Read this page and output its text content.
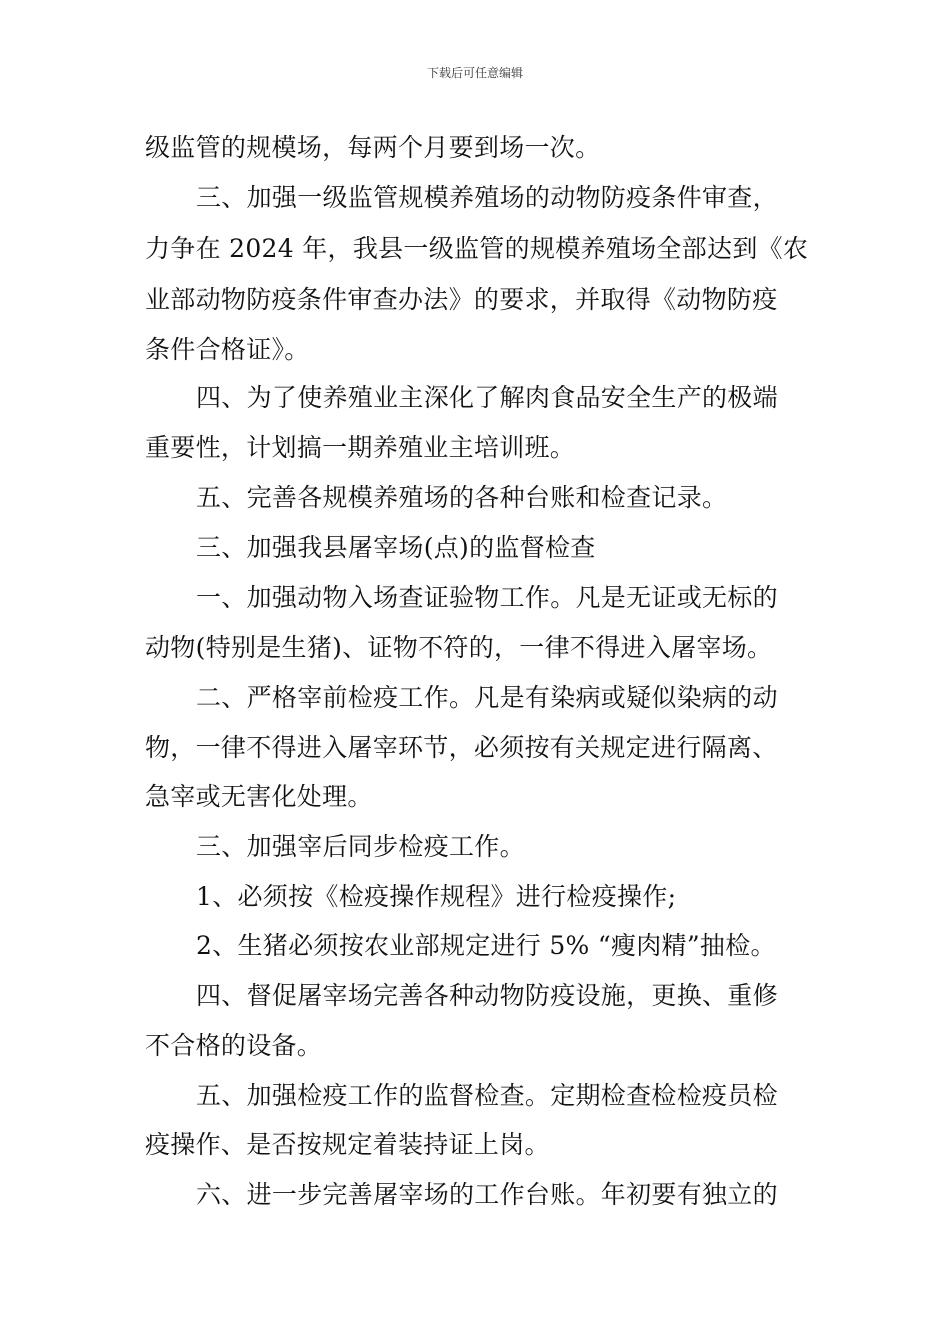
下载后可任意编辑
级监管的规模场，每两个月要到场一次。
三、加强一级监管规模养殖场的动物防疫条件审查，
力争在 2024 年，我县一级监管的规模养殖场全部达到《农
业部动物防疫条件审查办法》的要求，并取得《动物防疫
条件合格证》。
四、为了使养殖业主深化了解肉食品安全生产的极端
重要性，计划搞一期养殖业主培训班。
五、完善各规模养殖场的各种台账和检查记录。
三、加强我县屠宰场(点)的监督检查
一、加强动物入场查证验物工作。凡是无证或无标的
动物(特别是生猪)、证物不符的，一律不得进入屠宰场。
二、严格宰前检疫工作。凡是有染病或疑似染病的动
物，一律不得进入屠宰环节，必须按有关规定进行隔离、
急宰或无害化处理。
三、加强宰后同步检疫工作。
1、必须按《检疫操作规程》进行检疫操作;
2、生猪必须按农业部规定进行 5% “瘦肉精”抽检。
四、督促屠宰场完善各种动物防疫设施，更换、重修
不合格的设备。
五、加强检疫工作的监督检查。定期检查检检疫员检
疫操作、是否按规定着装持证上岗。
六、进一步完善屠宰场的工作台账。年初要有独立的
